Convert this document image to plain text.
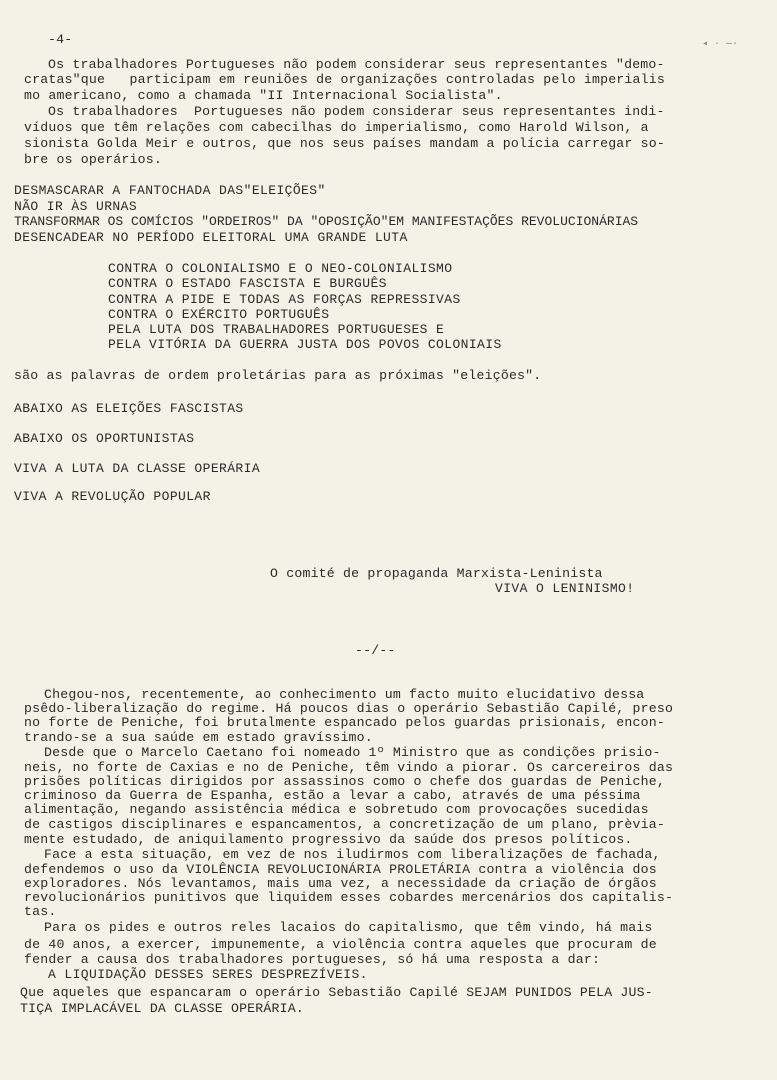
-4-	◂ · —·
Os trabalhadores Portugueses não podem considerar seus representantes "demo-
cratas"que   participam em reuniões de organizações controladas pelo imperialis
mo americano, como a chamada "II Internacional Socialista".
Os trabalhadores  Portugueses não podem considerar seus representantes indi-
víduos que têm relações com cabecilhas do imperialismo, como Harold Wilson, a
sionista Golda Meir e outros, que nos seus países mandam a polícia carregar so-
bre os operários.
DESMASCARAR A FANTOCHADA DAS"ELEIÇÕES"
NÃO IR ÀS URNAS
TRANSFORMAR OS COMÍCIOS "ORDEIROS" DA "OPOSIÇÃO"EM MANIFESTAÇÕES REVOLUCIONÁRIAS
DESENCADEAR NO PERÍODO ELEITORAL UMA GRANDE LUTA
CONTRA O COLONIALISMO E O NEO-COLONIALISMO
CONTRA O ESTADO FASCISTA E BURGUÊS
CONTRA A PIDE E TODAS AS FORÇAS REPRESSIVAS
CONTRA O EXÉRCITO PORTUGUÊS
PELA LUTA DOS TRABALHADORES PORTUGUESES E
PELA VITÓRIA DA GUERRA JUSTA DOS POVOS COLONIAIS
são as palavras de ordem proletárias para as próximas "eleições".
ABAIXO AS ELEIÇÕES FASCISTAS
ABAIXO OS OPORTUNISTAS
VIVA A LUTA DA CLASSE OPERÁRIA
VIVA A REVOLUÇÃO POPULAR
O comité de propaganda Marxista-Leninista
VIVA O LENINISMO!
--/--
Chegou-nos, recentemente, ao conhecimento um facto muito elucidativo dessa
psêdo-liberalização do regime. Há poucos dias o operário Sebastião Capilé, preso
no forte de Peniche, foi brutalmente espancado pelos guardas prisionais, encon-
trando-se a sua saúde em estado gravíssimo.
Desde que o Marcelo Caetano foi nomeado 1º Ministro que as condições prisio-
neis, no forte de Caxias e no de Peniche, têm vindo a piorar. Os carcereiros das
prisões políticas dirigidos por assassinos como o chefe dos guardas de Peniche,
criminoso da Guerra de Espanha, estão a levar a cabo, através de uma péssima
alimentação, negando assistência médica e sobretudo com provocações sucedidas
de castigos disciplinares e espancamentos, a concretização de um plano, prèvia-
mente estudado, de aniquilamento progressivo da saúde dos presos políticos.
Face a esta situação, em vez de nos iludirmos com liberalizações de fachada,
defendemos o uso da VIOLÊNCIA REVOLUCIONÁRIA PROLETÁRIA contra a violência dos
exploradores. Nós levantamos, mais uma vez, a necessidade da criação de órgãos
revolucionários punitivos que liquidem esses cobardes mercenários dos capitalis-
tas.
Para os pides e outros reles lacaios do capitalismo, que têm vindo, há mais
de 40 anos, a exercer, impunemente, a violência contra aqueles que procuram de
fender a causa dos trabalhadores portugueses, só há uma resposta a dar:
A LIQUIDAÇÃO DESSES SERES DESPREZÍVEIS.
Que aqueles que espancaram o operário Sebastião Capilé SEJAM PUNIDOS PELA JUS-
TIÇA IMPLACÁVEL DA CLASSE OPERÁRIA.
